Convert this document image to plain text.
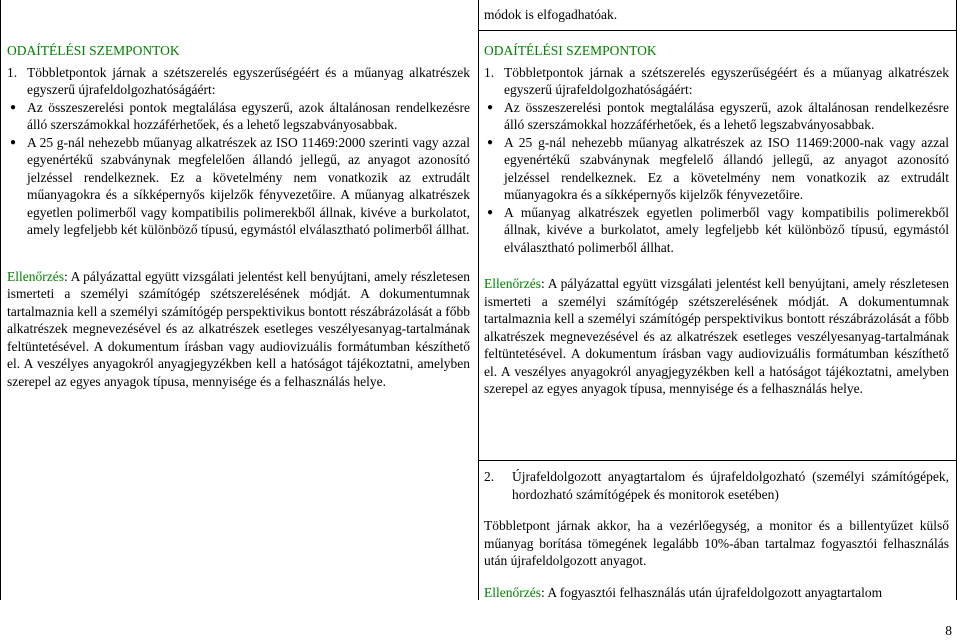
módok is elfogadhatóak.

ODAÍTÉLÉSI SZEMPONTOK

1. Többletpontok járnak a szétszerelés egyszerűségéért és a műanyag alkatrészek egyszerű újrafeldolgozhatóságáért:
● Az összeszerelési pontok megtalálása egyszerű, azok általánosan rendelkezésre álló szerszámokkal hozzáférhetőek, és a lehető legszabványosabbak.
● A 25 g-nál nehezebb műanyag alkatrészek az ISO 11469:2000 szerinti vagy azzal egyenértékű szabványnak megfelelően állandó jellegű, az anyagot azonosító jelzéssel rendelkeznek. Ez a követelmény nem vonatkozik az extrudált műanyagokra és a síkképernyős kijelzők fényvezetőire. A műanyag alkatrészek egyetlen polimerből vagy kompatibilis polimerekből állnak, kivéve a burkolatot, amely legfeljebb két különböző típusú, egymástól elválasztható polimerből állhat.

Ellenőrzés: A pályázattal együtt vizsgálati jelentést kell benyújtani, amely részletesen ismerteti a személyi számítógép szétszerelésének módját. A dokumentumnak tartalmaznia kell a személyi számítógép perspektivikus bontott részábrázolását a főbb alkatrészek megnevezésével és az alkatrészek esetleges veszélyesanyag-tartalmának feltüntetésével. A dokumentum írásban vagy audiovizuális formátumban készíthető el. A veszélyes anyagokról anyagjegyzékben kell a hatóságot tájékoztatni, amelyben szerepel az egyes anyagok típusa, mennyisége és a felhasználás helye.

ODAÍTÉLÉSI SZEMPONTOK

1. Többletpontok járnak a szétszerelés egyszerűségéért és a műanyag alkatrészek egyszerű újrafeldolgozhatóságáért:
● Az összeszerelési pontok megtalálása egyszerű, azok általánosan rendelkezésre álló szerszámokkal hozzáférhetőek, és a lehető legszabványosabbak.
● A 25 g-nál nehezebb műanyag alkatrészek az ISO 11469:2000-nak vagy azzal egyenértékű szabványnak megfelelő állandó jellegű, az anyagot azonosító jelzéssel rendelkeznek. Ez a követelmény nem vonatkozik az extrudált műanyagokra és a síkképernyős kijelzők fényvezetőire.
● A műanyag alkatrészek egyetlen polimerből vagy kompatibilis polimerekből állnak, kivéve a burkolatot, amely legfeljebb két különböző típusú, egymástól elválasztható polimerből állhat.

Ellenőrzés: A pályázattal együtt vizsgálati jelentést kell benyújtani, amely részletesen ismerteti a személyi számítógép szétszerelésének módját. A dokumentumnak tartalmaznia kell a személyi számítógép perspektivikus bontott részábrázolását a főbb alkatrészek megnevezésével és az alkatrészek esetleges veszélyesanyag-tartalmának feltüntetésével. A dokumentum írásban vagy audiovizuális formátumban készíthető el. A veszélyes anyagokról anyagjegyzékben kell a hatóságot tájékoztatni, amelyben szerepel az egyes anyagok típusa, mennyisége és a felhasználás helye.

2. Újrafeldolgozott anyagtartalom és újrafeldolgozható (személyi számítógépek, hordozható számítógépek és monitorok esetében)

Többletpont járnak akkor, ha a vezérlőegység, a monitor és a billentyűzet külső műanyag borítása tömegének legalább 10%-ában tartalmaz fogyasztói felhasználás után újrafeldolgozott anyagot.

Ellenőrzés: A fogyasztói felhasználás után újrafeldolgozott anyagtartalom

8
